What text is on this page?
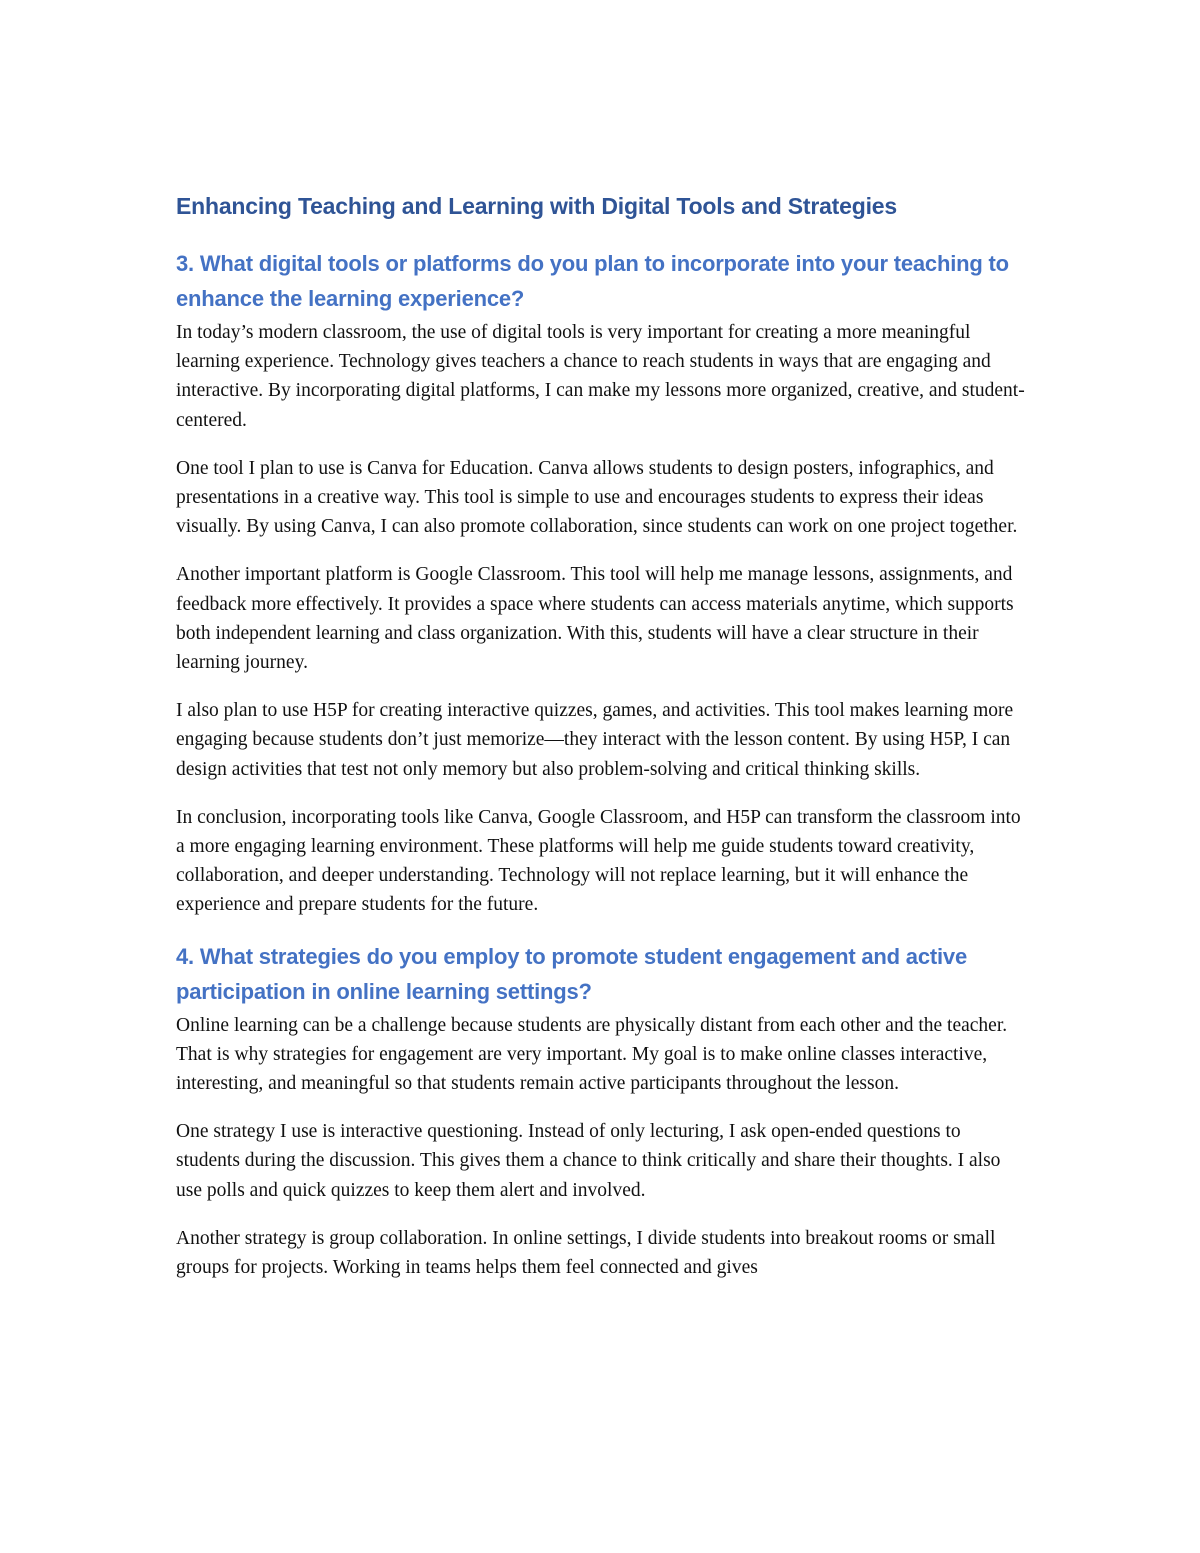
Enhancing Teaching and Learning with Digital Tools and Strategies
3. What digital tools or platforms do you plan to incorporate into your teaching to enhance the learning experience?

In today’s modern classroom, the use of digital tools is very important for creating a more meaningful learning experience. Technology gives teachers a chance to reach students in ways that are engaging and interactive. By incorporating digital platforms, I can make my lessons more organized, creative, and student-centered.

One tool I plan to use is Canva for Education. Canva allows students to design posters, infographics, and presentations in a creative way. This tool is simple to use and encourages students to express their ideas visually. By using Canva, I can also promote collaboration, since students can work on one project together.

Another important platform is Google Classroom. This tool will help me manage lessons, assignments, and feedback more effectively. It provides a space where students can access materials anytime, which supports both independent learning and class organization. With this, students will have a clear structure in their learning journey.

I also plan to use H5P for creating interactive quizzes, games, and activities. This tool makes learning more engaging because students don’t just memorize—they interact with the lesson content. By using H5P, I can design activities that test not only memory but also problem-solving and critical thinking skills.

In conclusion, incorporating tools like Canva, Google Classroom, and H5P can transform the classroom into a more engaging learning environment. These platforms will help me guide students toward creativity, collaboration, and deeper understanding. Technology will not replace learning, but it will enhance the experience and prepare students for the future.

4. What strategies do you employ to promote student engagement and active participation in online learning settings?

Online learning can be a challenge because students are physically distant from each other and the teacher. That is why strategies for engagement are very important. My goal is to make online classes interactive, interesting, and meaningful so that students remain active participants throughout the lesson.

One strategy I use is interactive questioning. Instead of only lecturing, I ask open-ended questions to students during the discussion. This gives them a chance to think critically and share their thoughts. I also use polls and quick quizzes to keep them alert and involved.

Another strategy is group collaboration. In online settings, I divide students into breakout rooms or small groups for projects. Working in teams helps them feel connected and gives
